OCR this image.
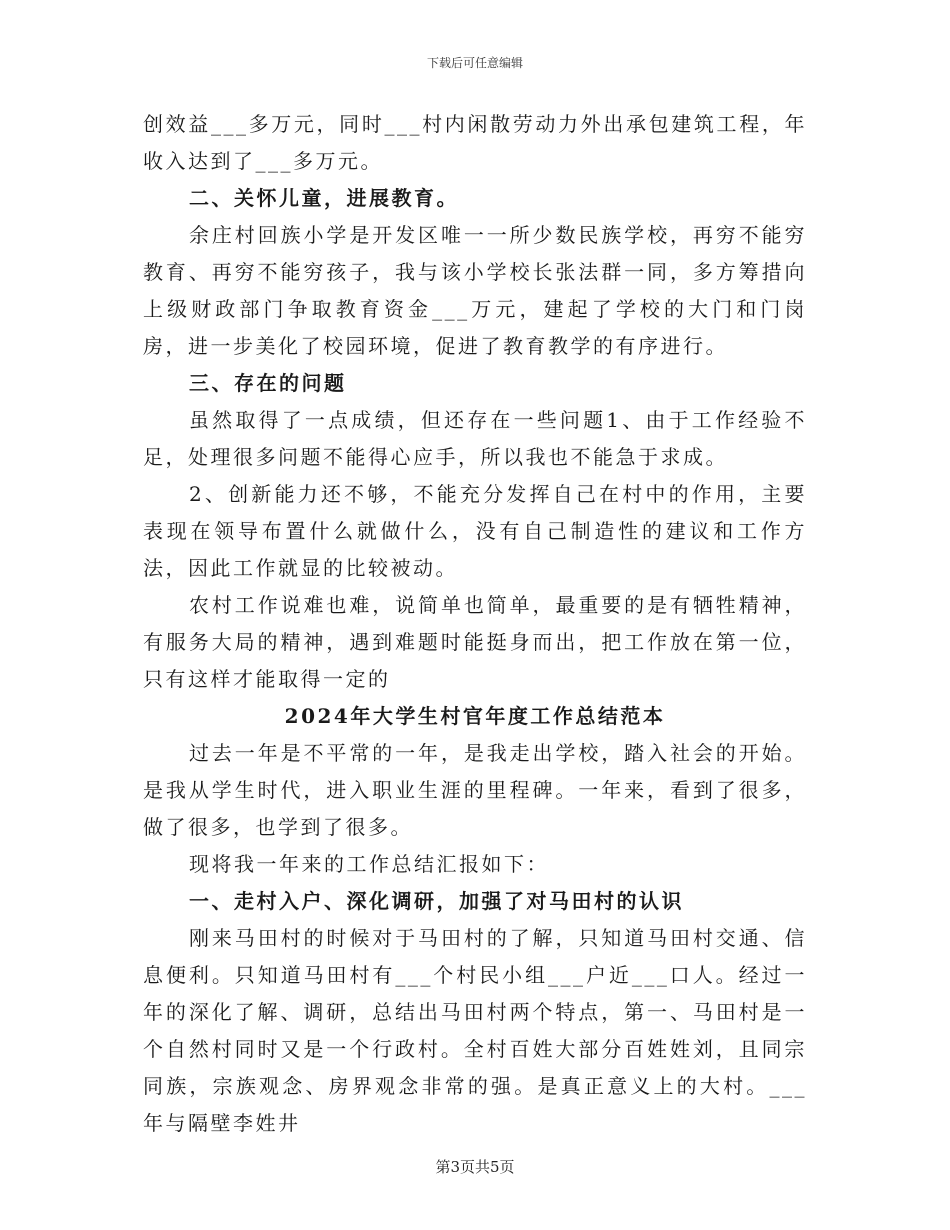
下载后可任意编辑

创效益___多万元，同时___村内闲散劳动力外出承包建筑工程，年收入达到了___多万元。

二、关怀儿童，进展教育。

余庄村回族小学是开发区唯一一所少数民族学校，再穷不能穷教育、再穷不能穷孩子，我与该小学校长张法群一同，多方筹措向上级财政部门争取教育资金___万元，建起了学校的大门和门岗房，进一步美化了校园环境，促进了教育教学的有序进行。

三、存在的问题

虽然取得了一点成绩，但还存在一些问题1、由于工作经验不足，处理很多问题不能得心应手，所以我也不能急于求成。

2、创新能力还不够，不能充分发挥自己在村中的作用，主要表现在领导布置什么就做什么，没有自己制造性的建议和工作方法，因此工作就显的比较被动。

农村工作说难也难，说简单也简单，最重要的是有牺牲精神，有服务大局的精神，遇到难题时能挺身而出，把工作放在第一位，只有这样才能取得一定的

2024年大学生村官年度工作总结范本

过去一年是不平常的一年，是我走出学校，踏入社会的开始。是我从学生时代，进入职业生涯的里程碑。一年来，看到了很多，做了很多，也学到了很多。

现将我一年来的工作总结汇报如下：

一、走村入户、深化调研，加强了对马田村的认识

刚来马田村的时候对于马田村的了解，只知道马田村交通、信息便利。只知道马田村有___个村民小组___户近___口人。经过一年的深化了解、调研，总结出马田村两个特点，第一、马田村是一个自然村同时又是一个行政村。全村百姓大部分百姓姓刘，且同宗同族，宗族观念、房界观念非常的强。是真正意义上的大村。___年与隔壁李姓井

第3页共5页
